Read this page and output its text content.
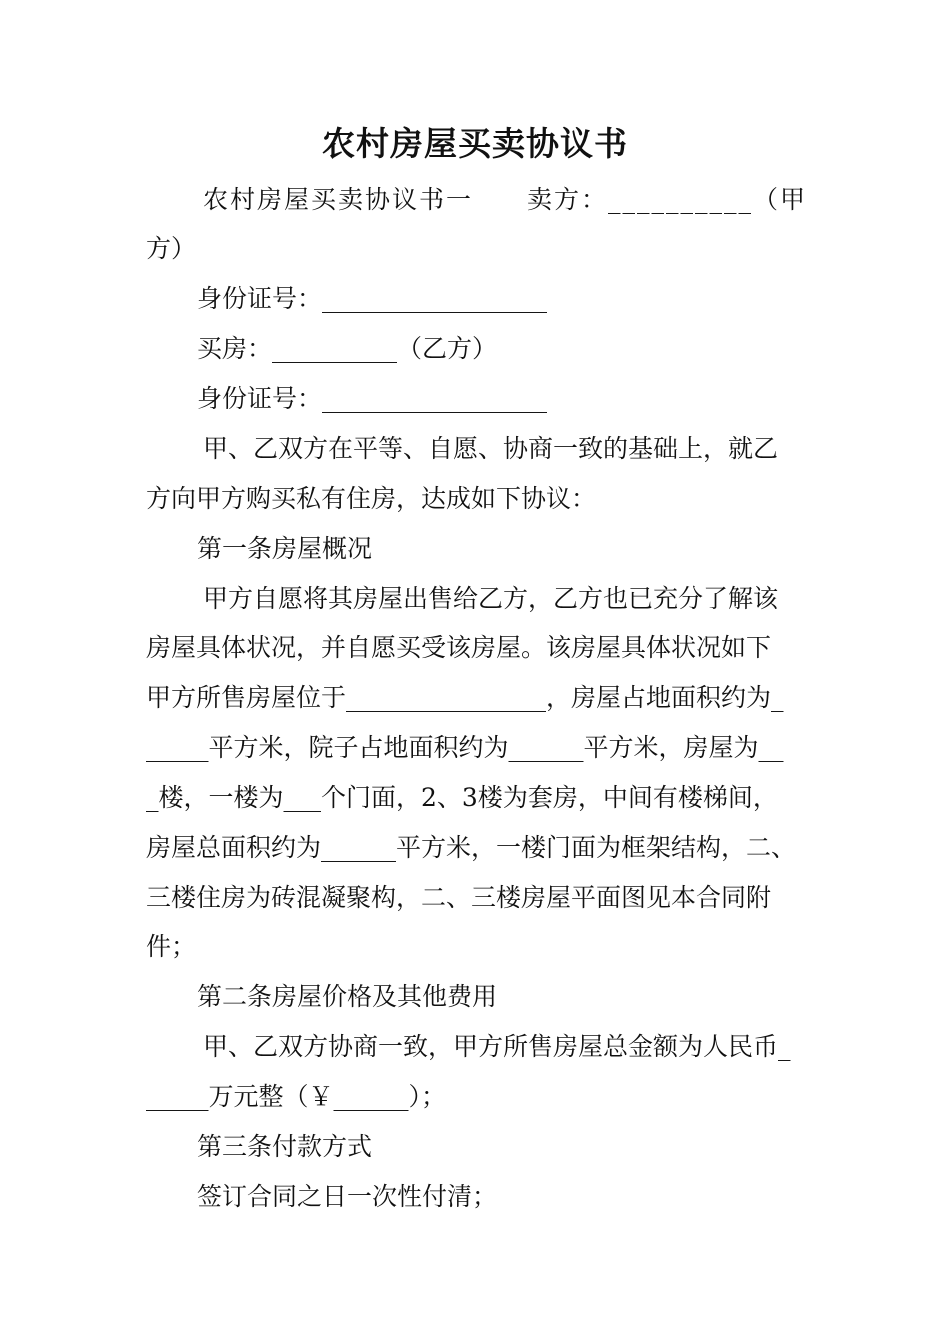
农村房屋买卖协议书

农村房屋买卖协议书一　　卖方：__________（甲

方）

身份证号：__________________

买房：__________（乙方）

身份证号：__________________

甲、乙双方在平等、自愿、协商一致的基础上，就乙

方向甲方购买私有住房，达成如下协议：

第一条房屋概况

甲方自愿将其房屋出售给乙方，乙方也已充分了解该

房屋具体状况，并自愿买受该房屋。该房屋具体状况如下

甲方所售房屋位于________________，房屋占地面积约为_

_____平方米，院子占地面积约为______平方米，房屋为__

_楼，一楼为___个门面，2、3楼为套房，中间有楼梯间，

房屋总面积约为______平方米，一楼门面为框架结构，二、

三楼住房为砖混凝聚构，二、三楼房屋平面图见本合同附

件；

第二条房屋价格及其他费用

甲、乙双方协商一致，甲方所售房屋总金额为人民币_

_____万元整（￥______）；

第三条付款方式

签订合同之日一次性付清；
